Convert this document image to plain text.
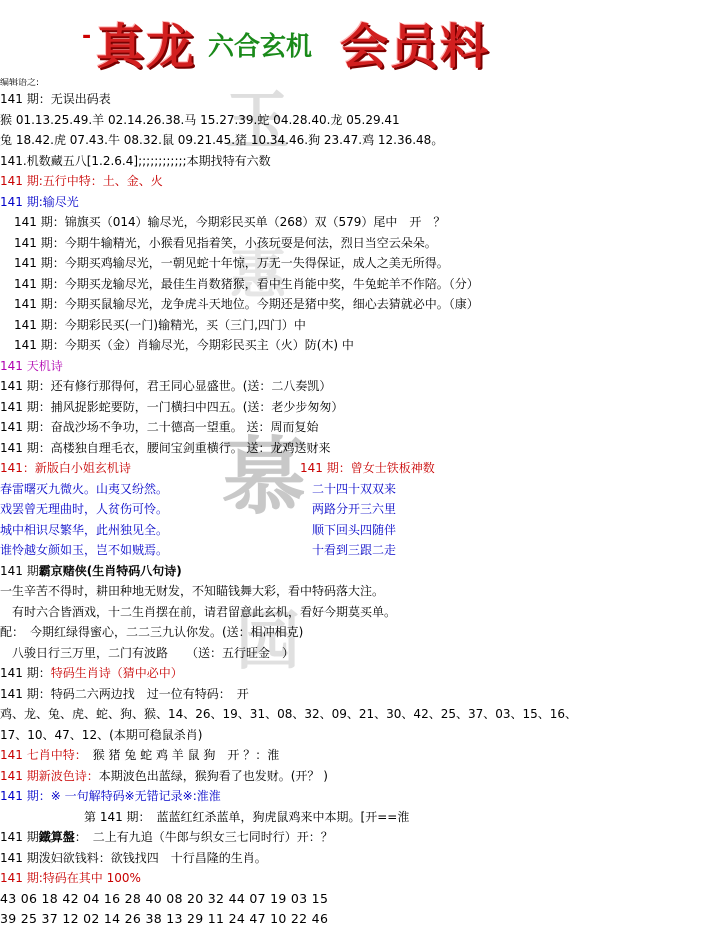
- 真龙 六合玄机 会员料
玉
惠
慕
园
编辑语之:
141 期：无误出码表
猴 01.13.25.49.羊 02.14.26.38.马 15.27.39.蛇 04.28.40.龙 05.29.41
兔 18.42.虎 07.43.牛 08.32.鼠 09.21.45.猪 10.34.46.狗 23.47.鸡 12.36.48。
141.机数藏五八[1.2.6.4];;;;;;;;;;;;本期找特有六数
141 期:五行中特：土、金、火
141 期:输尽光
141 期：锦旗买（014）输尽光，今期彩民买单（268）双（579）尾中　开　？
141 期：今期牛输精光，小猴看见指着笑，小孩玩耍是何法，烈日当空云朵朵。
141 期：今期买鸡输尽光，一朝见蛇十年惊，万无一失得保证，成人之美无所得。
141 期：今期买龙输尽光，最佳生肖数猪猴，看中生肖能中奖，牛兔蛇羊不作陪。（分）
141 期：今期买鼠输尽光，龙争虎斗天地位。今期还是猪中奖，细心去猜就必中。（康）
141 期：今期彩民买(一门)输精光，买（三门,四门）中
141 期：今期买（金）肖输尽光，今期彩民买主（火）防(木) 中
141 天机诗
141 期：还有修行那得何，君王同心显盛世。(送：二八奏凯）
141 期：捕风捉影蛇要防，一门横扫中四五。(送：老少步匆匆）
141 期：奋战沙场不争功，二十德高一望重。 送：周而复始
141 期：高楼独自理毛衣，腰间宝剑重横行。 送：龙鸡送财来
141：新版白小姐玄机诗	141 期：曾女士铁板神数
春雷曙灭九微火。山夷又纷然。	二十四十双双来
戏罢曾无理曲时，人贫伤可怜。	两路分开三六里
城中相识尽繁华，此州独见全。	顺下回头四随伴
谁怜越女颜如玉，岂不如贼焉。	十看到三跟二走
141 期霸京赌侠(生肖特码八句诗)
一生辛苦不得时，耕田种地无财发，不知瞄钱舞大彩，看中特码落大注。
　有时六合皆酒戏，十二生肖摆在前，请君留意此玄机，看好今期莫买单。
配：　今期红绿得蜜心，二二三九认你发。(送：相冲相克)
　八骏日行三万里，二门有波路　　（送：五行旺金　）
141 期：特码生肖诗（猜中必中）
141 期：特码二六两边找　过一位有特码：　开
鸡、龙、兔、虎、蛇、狗、猴、14、26、19、31、08、32、09、21、30、42、25、37、03、15、16、
17、10、47、12、(本期可稳鼠杀肖)
141 七肖中特：　猴 猪 兔 蛇 鸡 羊 鼠 狗　开 ？：淮
141 期新波色诗：本期波色出蓝绿，猴狗看了也发财。(开？ )
141 期：※ 一句解特码※无错记录※:淮淮
　　　　　　　第 141 期：　蓝蓝红红杀蓝单，狗虎鼠鸡来中本期。[开==淮
141 期鐵算盤：　二上有九追（牛郎与织女三七同时行）开：？
141 期泼妇欲钱料：欲钱找四　十行昌隆的生肖。
141 期:特码在其中 100%
43 06 18 42 04 16 28 40 08 20 32 44 07 19 03 15
39 25 37 12 02 14 26 38 13 29 11 24 47 10 22 46
